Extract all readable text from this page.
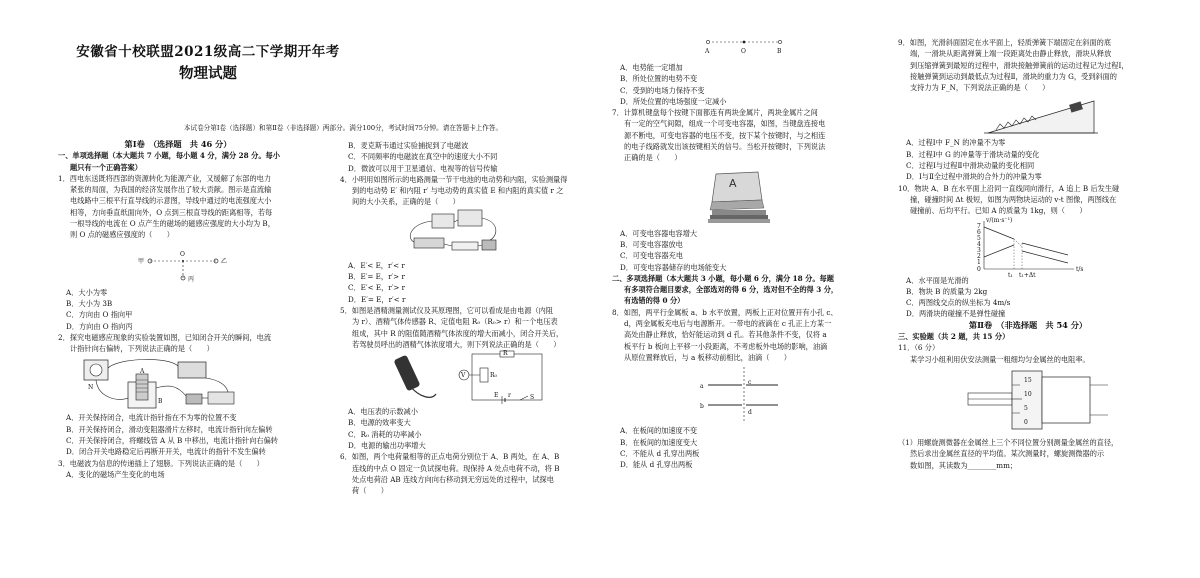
安徽省十校联盟2021级高二下学期开年考
物理试题
本试卷分第Ⅰ卷（选择题）和第Ⅱ卷（非选择题）两部分。满分100分，考试时间75分钟。请在答题卡上作答。

第Ⅰ卷　（选择题　共 46 分）

一、单项选择题（本大题共 7 小题，每小题 4 分，满分 28 分。每小

题只有一个正确答案）

1．西电东送既将西部的资源转化为能源产业，又缓解了东部的电力

紧张的局面，为我国的经济发展作出了较大贡献。图示是直流输

电线路中三根平行直导线的示意图，导线中通过的电流强度大小

相等，方向垂直纸面向外，O 点到三根直导线的距离相等，若每

一根导线的电流在 O 点产生的磁场的磁感应强度的大小均为 B，

则 O 点的磁感应强度的（　　）

甲
O
乙
丙

A．大小为零

B．大小为 3B

C．方向由 O 指向甲

D．方向由 O 指向丙

2．探究电磁感应现象的实验装置如图，已知闭合开关的瞬间，电流

计指针向右偏转，下列说法正确的是（　　）

A
B
N

A．开关保持闭合，电流计指针指在不为零的位置不变

B．开关保持闭合，滑动变阻器滑片左移时，电流计指针向左偏转

C．开关保持闭合，将螺线管 A 从 B 中移出，电流计指针向右偏转

D．闭合开关电路稳定后再断开开关，电流计的指针不发生偏转

3．电磁波为信息的传递插上了翅膀。下列说法正确的是（　　）

A．变化的磁场产生变化的电场

B．麦克斯韦通过实验捕捉到了电磁波

C．不同频率的电磁波在真空中的速度大小不同

D．微波可以用于卫星通信、电视等的信号传输

4．小明用如图所示的电路测量一节干电池的电动势和内阻，实验测量得

到的电动势 E′ 和内阻 r′ 与电动势的真实值 E 和内阻的真实值 r 之

间的大小关系，正确的是（　　）

A．E′< E，r′< r

B．E′= E，r′> r

C．E′< E，r′> r

D．E′= E，r′< r

5．如图是酒精测量测试仪及其原理图，它可以看成是由电源（内阻

为 r）、酒精气体传感器 R、定值电阻 R₀（R₀> r）和一个电压表

组成，其中 R 的阻值随酒精气体浓度的增大而减小，闭合开关后，

若驾驶员呼出的酒精气体浓度增大，则下列说法正确的是（　　）

V
R
R₀
E r	S

A．电压表的示数减小

B．电源的效率变大

C．R₀ 消耗的功率减小

D．电源的输出功率增大

6．如图，两个电荷量相等的正点电荷分别位于 A、B 两处，在 A、B

连线的中点 O 固定一负试探电荷。现保持 A 处点电荷不动，将 B

处点电荷沿 AB 连线方向向右移动到无穷远处的过程中，试探电

荷（　　）

A	O	B

A．电势能一定增加

B．所处位置的电势不变

C．受到的电场力保持不变

D．所处位置的电场强度一定减小

7．计算机键盘每个按键下面都连有两块金属片，两块金属片之间

有一定的空气间隙，组成一个可变电容器，如图，当键盘连接电

源不断电，可变电容器的电压不变，按下某个按键时，与之相连

的电子线路就发出该按键相关的信号。当松开按键时，下列说法

正确的是（　　）

A

A．可变电容器电容增大

B．可变电容器放电

C．可变电容器充电

D．可变电容器储存的电场能变大

二、多项选择题（本大题共 3 小题，每小题 6 分，满分 18 分。每题

有多项符合题目要求，全部选对的得 6 分，选对但不全的得 3 分，

有选错的得 0 分）

8．如图，两平行金属板 a、b 水平放置，两板上正对位置开有小孔 c、

d，两金属板充电后与电源断开。一带电的液滴在 c 孔正上方某一

高处由静止释放，恰好能运动到 d 孔。若其他条件不变，仅将 a

板平行 b 板向上平移一小段距离，不考虑板外电场的影响，油滴

从原位置释放后，与 a 板移动前相比，油滴（　　）

a
c
b
d

A．在板间的加速度不变

B．在板间的加速度变大

C．不能从 d 孔穿出两板

D．能从 d 孔穿出两板

9．如图，光滑斜面固定在水平面上，轻质弹簧下端固定在斜面的底

端，一滑块从距离弹簧上端一段距离处由静止释放，滑块从释放

到压缩弹簧到最短的过程中，滑块接触弹簧前的运动过程记为过程Ⅰ，

接触弹簧到运动到最低点为过程Ⅱ，滑块的重力为 G，受到斜面的

支持力为 F_N，下列说法正确的是（　　）

A．过程Ⅰ中 F_N 的冲量不为零

B．过程Ⅰ中 G 的冲量等于滑块动量的变化

C．过程Ⅰ与过程Ⅱ中滑块动量的变化相同

D．Ⅰ与Ⅱ全过程中滑块的合外力的冲量为零

10．物块 A、B 在水平面上沿同一直线同向滑行，A 追上 B 后发生碰

撞，碰撞时间 Δt 极短，如图为两物块运动的 v-t 图像，两图线在

碰撞前、后均平行。已知 A 的质量为 1kg，则（　　）

v/(m·s⁻¹)
t/s
7
6
5
4
3
2
1
0
t₁ t₁+Δt

A．水平面是光滑的

B．物块 B 的质量为 2kg

C．两图线交点的纵坐标为 4m/s

D．两滑块的碰撞不是弹性碰撞

第Ⅱ卷　（非选择题　共 54 分）

三、实验题（共 2 题，共 15 分）

11．（6 分）

某学习小组利用伏安法测量一粗细均匀金属丝的电阻率。

15
10
5
0

（1）用螺旋测微器在金属丝上三个不同位置分别测量金属丝的直径，

然后求出金属丝直径的平均值。某次测量时，螺旋测微器的示

数如图，其读数为________mm；
